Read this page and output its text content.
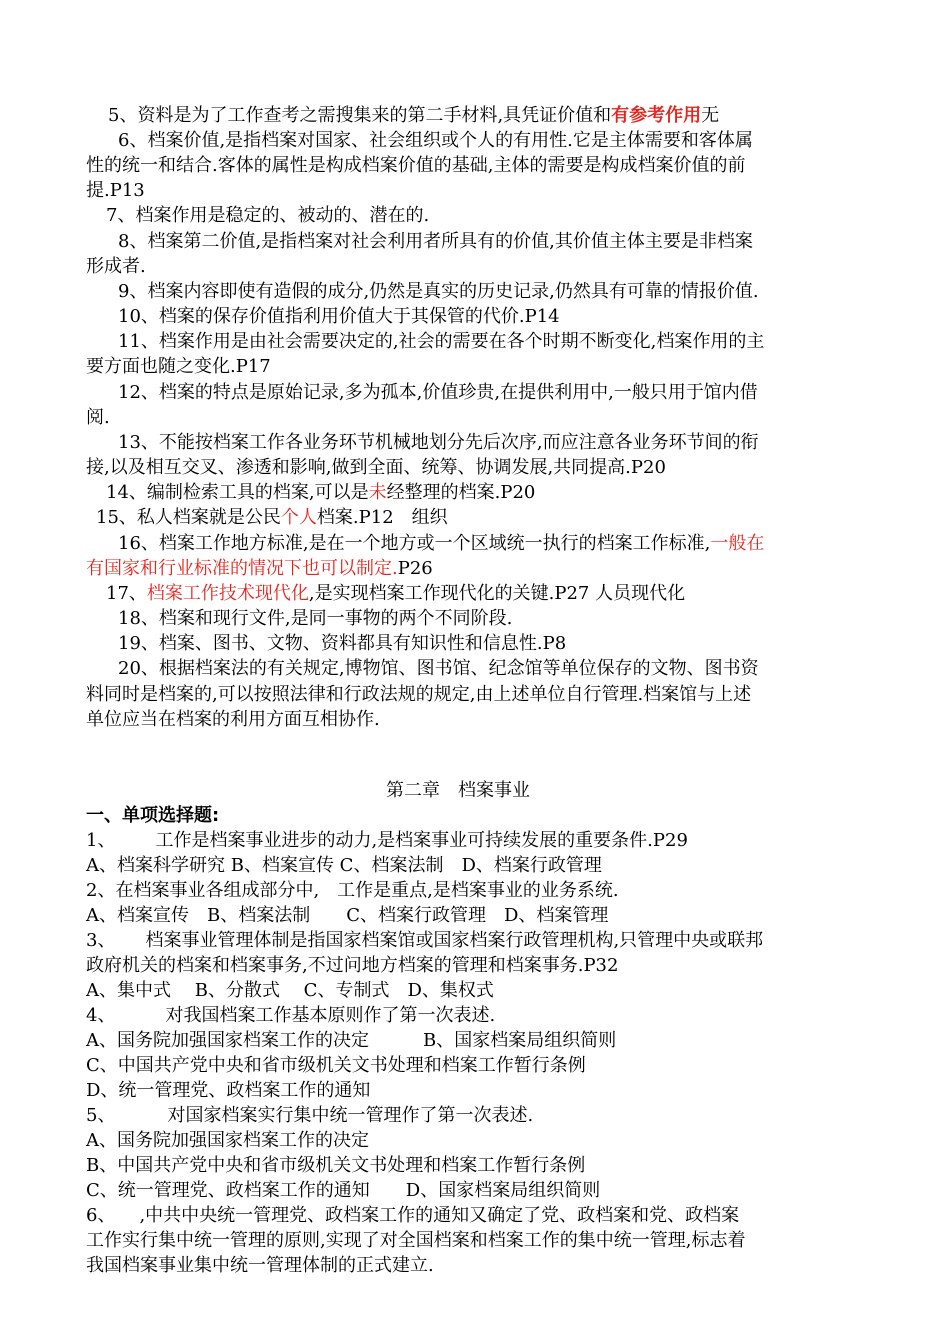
5、资料是为了工作查考之需搜集来的第二手材料,具凭证价值和有参考作用无
6、档案价值,是指档案对国家、社会组织或个人的有用性.它是主体需要和客体属
性的统一和结合.客体的属性是构成档案价值的基础,主体的需要是构成档案价值的前
提.P13
7、档案作用是稳定的、被动的、潜在的.
8、档案第二价值,是指档案对社会利用者所具有的价值,其价值主体主要是非档案
形成者.
9、档案内容即使有造假的成分,仍然是真实的历史记录,仍然具有可靠的情报价值.
10、档案的保存价值指利用价值大于其保管的代价.P14
11、档案作用是由社会需要决定的,社会的需要在各个时期不断变化,档案作用的主
要方面也随之变化.P17
12、档案的特点是原始记录,多为孤本,价值珍贵,在提供利用中,一般只用于馆内借
阅.
13、不能按档案工作各业务环节机械地划分先后次序,而应注意各业务环节间的衔
接,以及相互交叉、渗透和影响,做到全面、统筹、协调发展,共同提高.P20
14、编制检索工具的档案,可以是未经整理的档案.P20
15、私人档案就是公民个人档案.P12　组织
16、档案工作地方标准,是在一个地方或一个区域统一执行的档案工作标准,一般在
有国家和行业标准的情况下也可以制定.P26
17、档案工作技术现代化,是实现档案工作现代化的关键.P27 人员现代化
18、档案和现行文件,是同一事物的两个不同阶段.
19、档案、图书、文物、资料都具有知识性和信息性.P8
20、根据档案法的有关规定,博物馆、图书馆、纪念馆等单位保存的文物、图书资
料同时是档案的,可以按照法律和行政法规的规定,由上述单位自行管理.档案馆与上述
单位应当在档案的利用方面互相协作.
第二章　档案事业
一、单项选择题:
1、 工作是档案事业进步的动力,是档案事业可持续发展的重要条件.P29
A、档案科学研究 B、档案宣传 C、档案法制　D、档案行政管理
2、在档案事业各组成部分中,　工作是重点,是档案事业的业务系统.
A、档案宣传　B、档案法制　　C、档案行政管理　D、档案管理
3、 档案事业管理体制是指国家档案馆或国家档案行政管理机构,只管理中央或联邦
政府机关的档案和档案事务,不过问地方档案的管理和档案事务.P32
A、集中式　 B、分散式　 C、专制式　D、集权式
4、	对我国档案工作基本原则作了第一次表述.
A、国务院加强国家档案工作的决定　　　B、国家档案局组织简则
C、中国共产党中央和省市级机关文书处理和档案工作暂行条例
D、统一管理党、政档案工作的通知
5、	对国家档案实行集中统一管理作了第一次表述.
A、国务院加强国家档案工作的决定
B、中国共产党中央和省市级机关文书处理和档案工作暂行条例
C、统一管理党、政档案工作的通知　　D、国家档案局组织简则
6、 ,中共中央统一管理党、政档案工作的通知又确定了党、政档案和党、政档案
工作实行集中统一管理的原则,实现了对全国档案和档案工作的集中统一管理,标志着
我国档案事业集中统一管理体制的正式建立.
